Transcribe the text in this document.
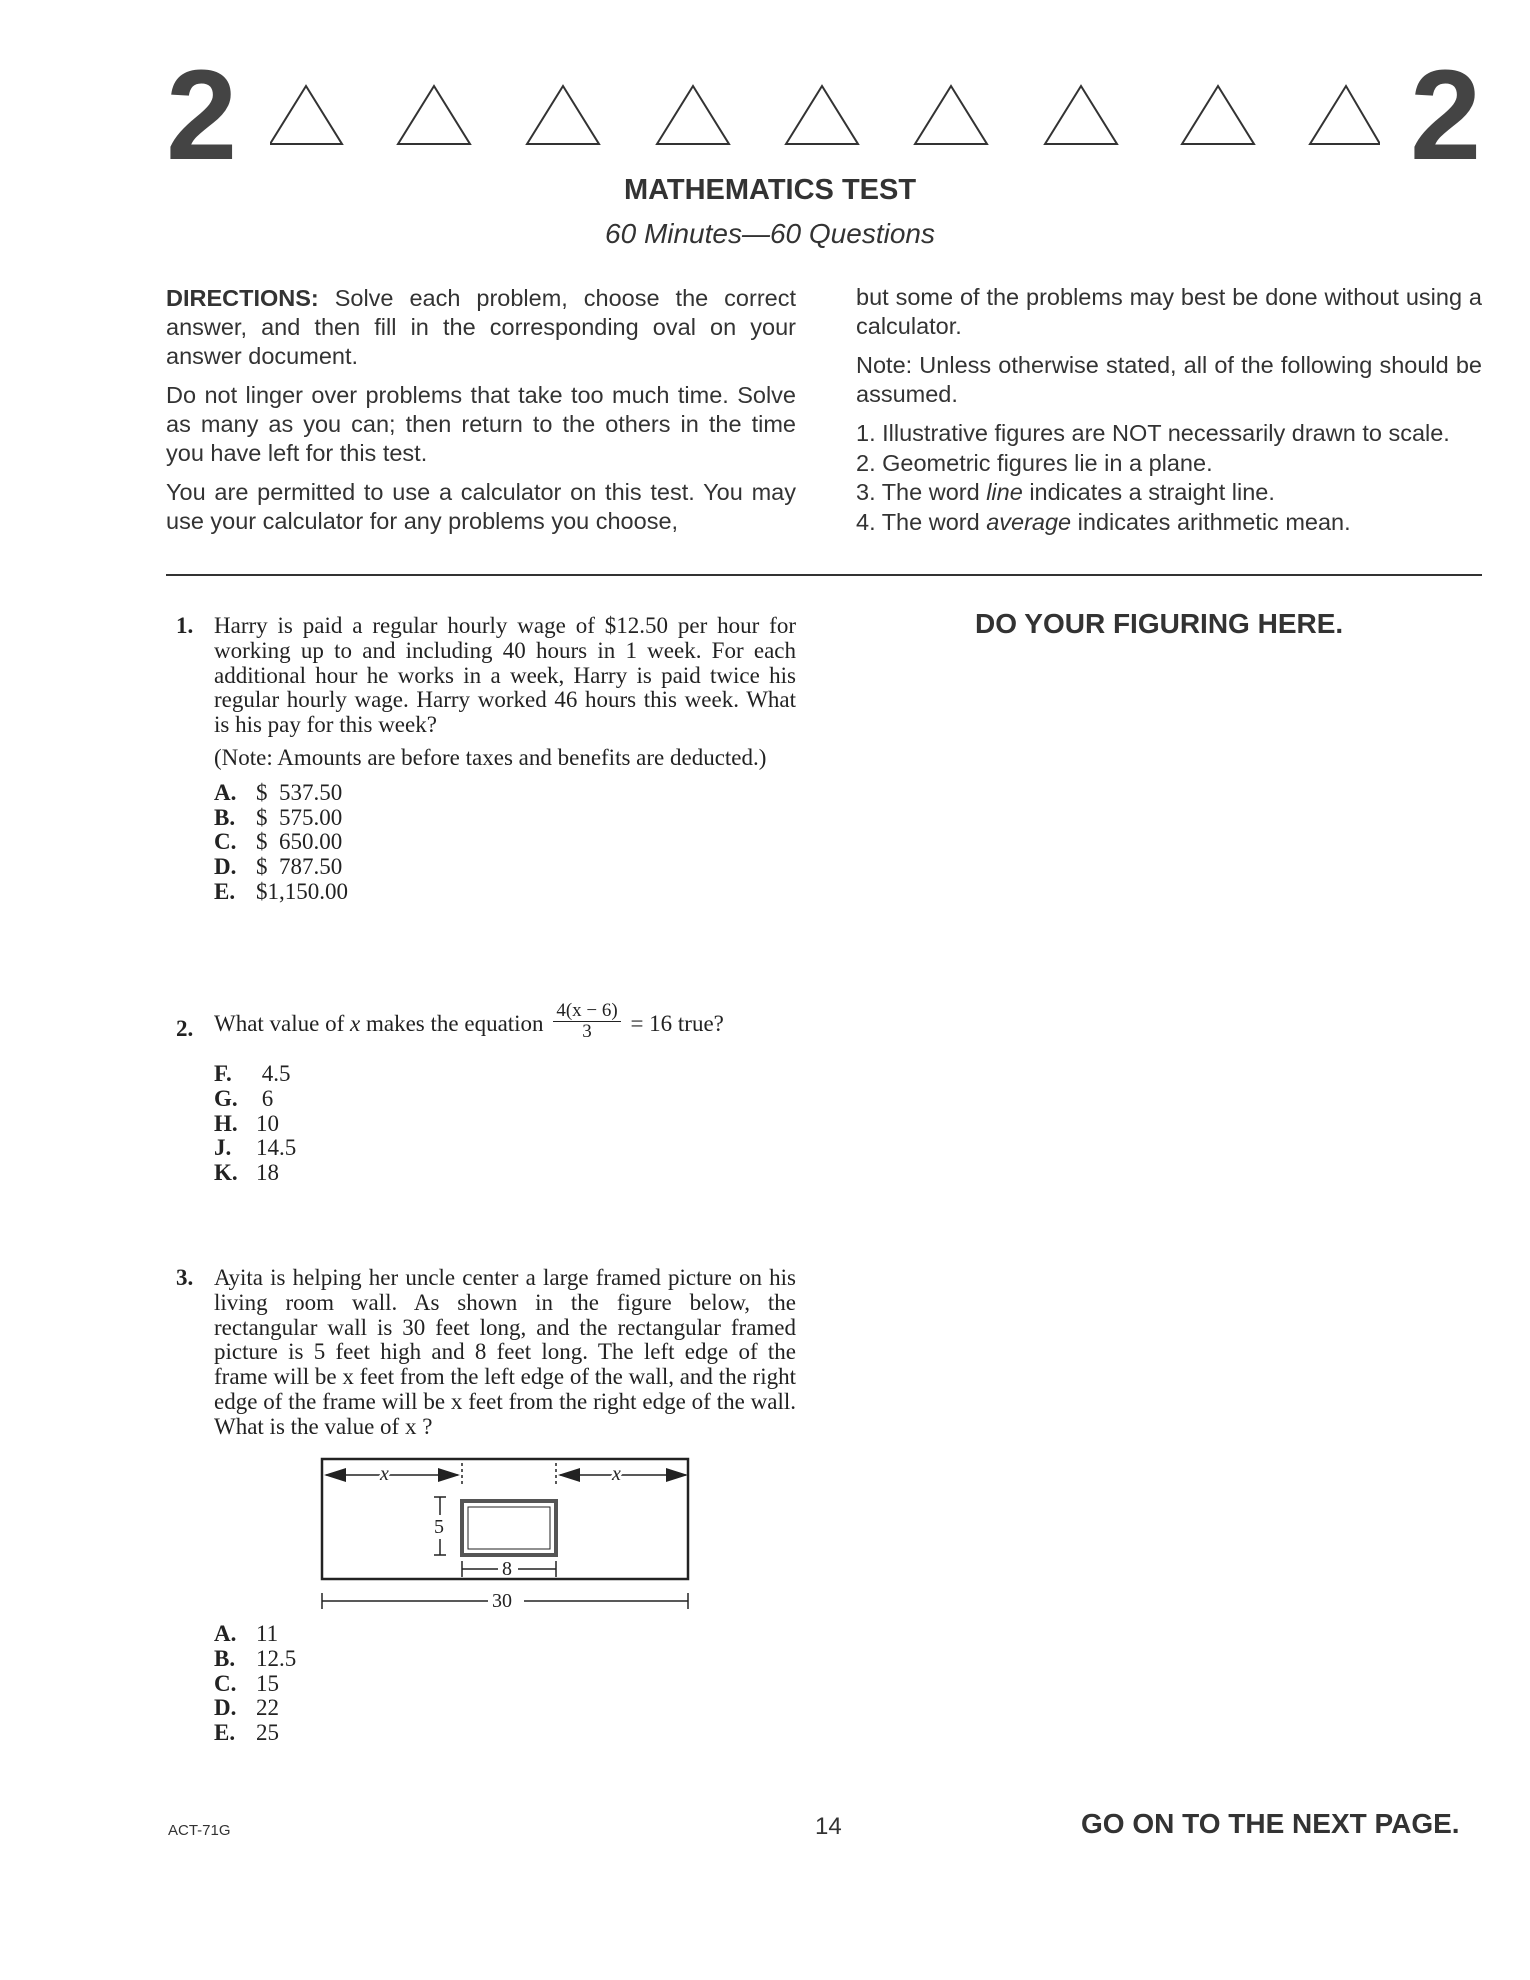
2	2
MATHEMATICS TEST
60 Minutes—60 Questions

DIRECTIONS: Solve each problem, choose the correct answer, and then fill in the corresponding oval on your answer document.

Do not linger over problems that take too much time. Solve as many as you can; then return to the others in the time you have left for this test.

You are permitted to use a calculator on this test. You may use your calculator for any problems you choose,

but some of the problems may best be done without using a calculator.

Note: Unless otherwise stated, all of the following should be assumed.

1. Illustrative figures are NOT necessarily drawn to scale.
2. Geometric figures lie in a plane.
3. The word line indicates a straight line.
4. The word average indicates arithmetic mean.
DO YOUR FIGURING HERE.
1. Harry is paid a regular hourly wage of $12.50 per hour for working up to and including 40 hours in 1 week. For each additional hour he works in a week, Harry is paid twice his regular hourly wage. Harry worked 46 hours this week. What is his pay for this week?
(Note: Amounts are before taxes and benefits are deducted.)
A. $  537.50
B. $  575.00
C. $  650.00
D. $  787.50
E. $1,150.00
2. What value of x makes the equation $\frac{4(x - 6)}{3} = 16$ true?
F.	4.5
G. 6
H. 10
J.	14.5
K. 18
3. Ayita is helping her uncle center a large framed picture on his living room wall. As shown in the figure below, the rectangular wall is 30 feet long, and the rectangular framed picture is 5 feet high and 8 feet long. The left edge of the frame will be x feet from the left edge of the wall, and the right edge of the frame will be x feet from the right edge of the wall. What is the value of x ?
x	x
5
8
30
A. 11
B. 12.5
C. 15
D. 22
E. 25
ACT-71G	14	GO ON TO THE NEXT PAGE.
